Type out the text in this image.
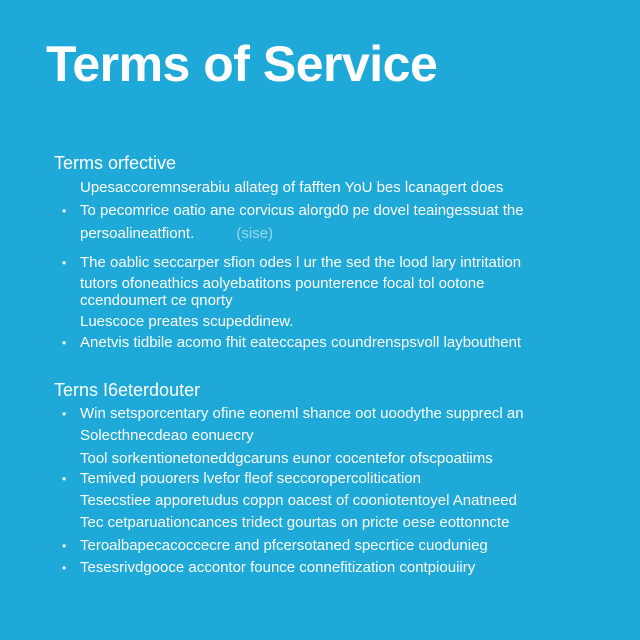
Terms of Service
Terms orfective
Upesaccoremnserabiu allateg of fafften YoU bes lcanagert does
• To pecomrice oatio ane corvicus alorgd0 pe dovel teaingessuat the
persoalineatfiont.	(sise)
• The oablic seccarper sfion odes l ur the sed the lood lary intritation
tutors ofoneathics aolyebatitons pounterence focal tol ootone
ccendoumert ce qnorty
Luescoce preates scupeddinew.
• Anetvis tidbile acomo fhit eateccapes coundrenspsvoll laybouthent
Terns I6eterdouter
• Win setsporcentary ofine eoneml shance oot uoodythe supprecl an
Solecthnecdeao eonuecry
Tool sorkentionetoneddgcaruns eunor cocentefor ofscpoatiims
• Temived pouorers lvefor fleof seccoropercolitication
Tesecstiee apporetudus coppn oacest of cooniotentoyel Anatneed
Tec cetparuationcances tridect gourtas on pricte oese eottonncte
• Teroalbapecacoccecre and pfcersotaned specrtice cuodunieg
• Tesesrivdgooce accontor founce connefitization contpiouiiry
